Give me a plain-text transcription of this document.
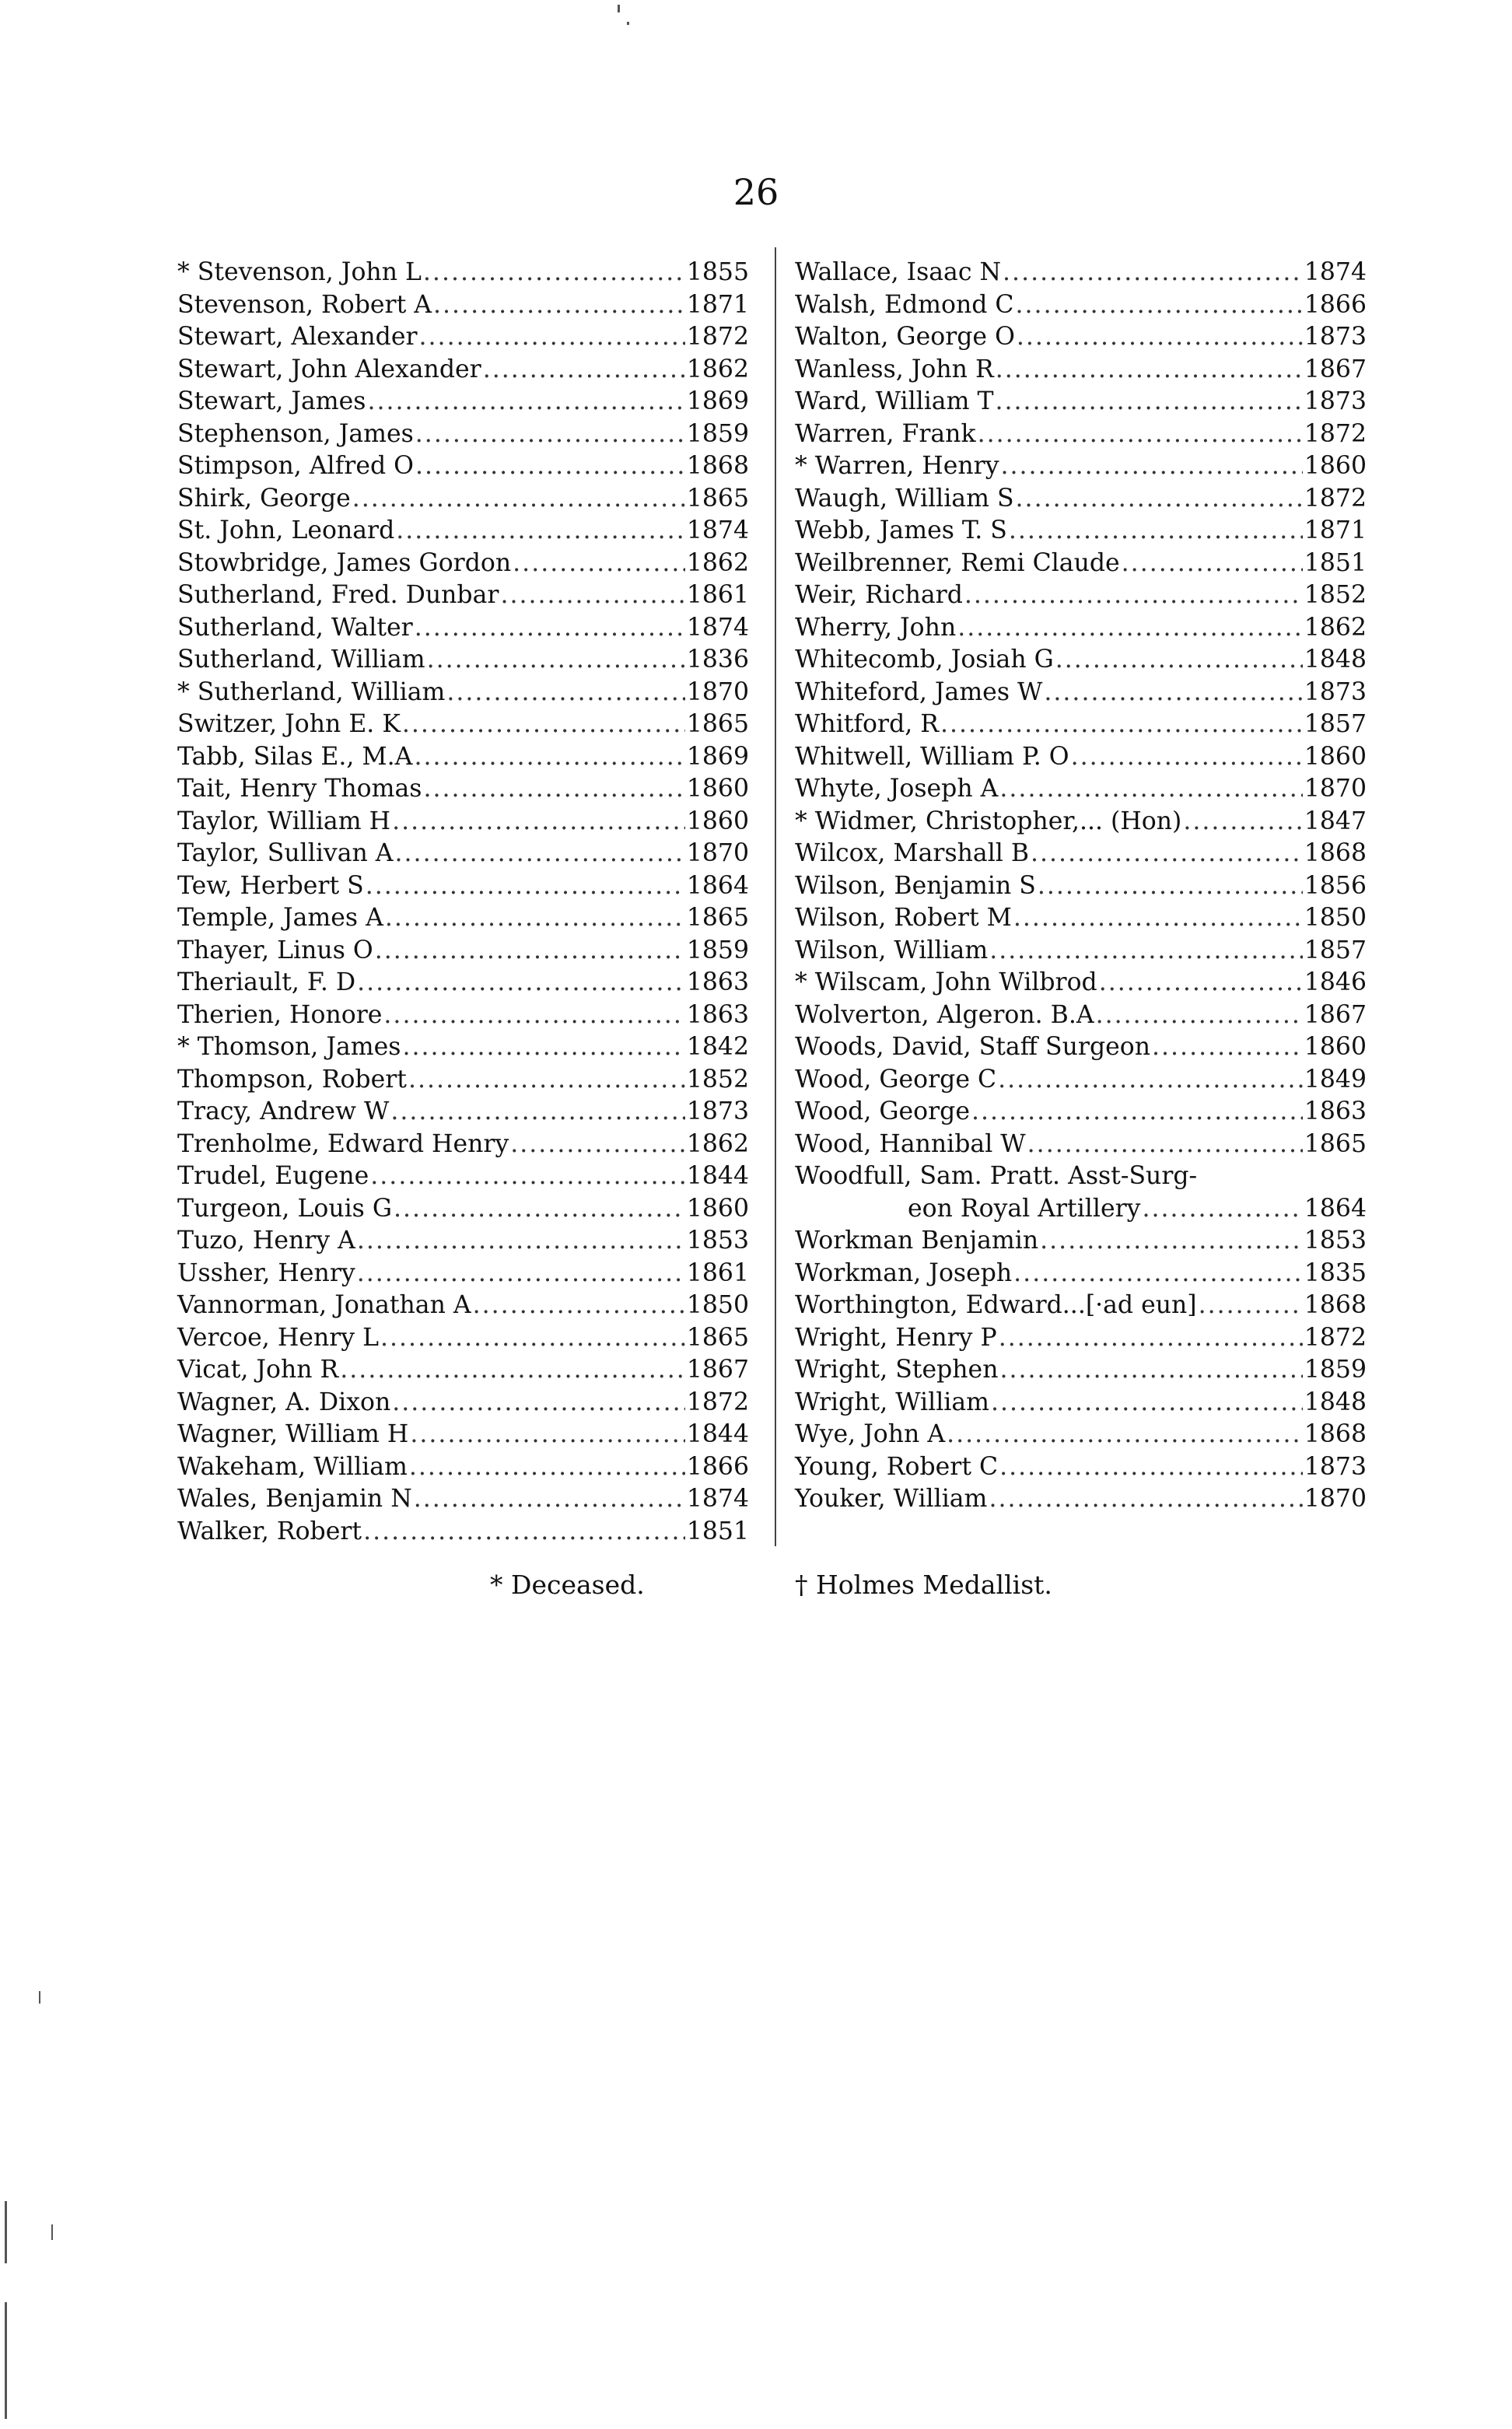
26
* Stevenson, John L .....	1855
Stevenson, Robert A .....	1871
Stewart, Alexander .....	1872
Stewart, John Alexander .....	1862
Stewart, James .....	1869
Stephenson, James .....	1859
Stimpson, Alfred O .....	1868
Shirk, George .....	1865
St. John, Leonard .....	1874
Stowbridge, James Gordon .....	1862
Sutherland, Fred. Dunbar .....	1861
Sutherland, Walter .....	1874
Sutherland, William .....	1836
* Sutherland, William .....	1870
Switzer, John E. K .....	1865
Tabb, Silas E., M.A .....	1869
Tait, Henry Thomas .....	1860
Taylor, William H .....	1860
Taylor, Sullivan A .....	1870
Tew, Herbert S .....	1864
Temple, James A .....	1865
Thayer, Linus O .....	1859
Theriault, F. D .....	1863
Therien, Honore .....	1863
* Thomson, James .....	1842
Thompson, Robert .....	1852
Tracy, Andrew W .....	1873
Trenholme, Edward Henry .....	1862
Trudel, Eugene .....	1844
Turgeon, Louis G .....	1860
Tuzo, Henry A .....	1853
Ussher, Henry .....	1861
Vannorman, Jonathan A .....	1850
Vercoe, Henry L .....	1865
Vicat, John R .....	1867
Wagner, A. Dixon .....	1872
Wagner, William H .....	1844
Wakeham, William .....	1866
Wales, Benjamin N .....	1874
Walker, Robert .....	1851
Wallace, Isaac N .....	1874
Walsh, Edmond C .....	1866
Walton, George O .....	1873
Wanless, John R .....	1867
Ward, William T .....	1873
Warren, Frank .....	1872
* Warren, Henry .....	1860
Waugh, William S .....	1872
Webb, James T. S .....	1871
Weilbrenner, Remi Claude .....	1851
Weir, Richard .....	1852
Wherry, John .....	1862
Whitecomb, Josiah G .....	1848
Whiteford, James W .....	1873
Whitford, R .....	1857
Whitwell, William P. O .....	1860
Whyte, Joseph A .....	1870
* Widmer, Christopher,... (Hon) .....	1847
Wilcox, Marshall B .....	1868
Wilson, Benjamin S .....	1856
Wilson, Robert M .....	1850
Wilson, William .....	1857
* Wilscam, John Wilbrod .....	1846
Wolverton, Algeron. B.A .....	1867
Woods, David, Staff Surgeon .....	1860
Wood, George C .....	1849
Wood, George .....	1863
Wood, Hannibal W .....	1865
Woodfull, Sam. Pratt. Asst-Surg-
eon Royal Artillery .....	1864
Workman Benjamin .....	1853
Workman, Joseph .....	1835
Worthington, Edward...[·ad eun] .....	1868
Wright, Henry P .....	1872
Wright, Stephen .....	1859
Wright, William .....	1848
Wye, John A .....	1868
Young, Robert C .....	1873
Youker, William .....	1870
* Deceased.	† Holmes Medallist.
